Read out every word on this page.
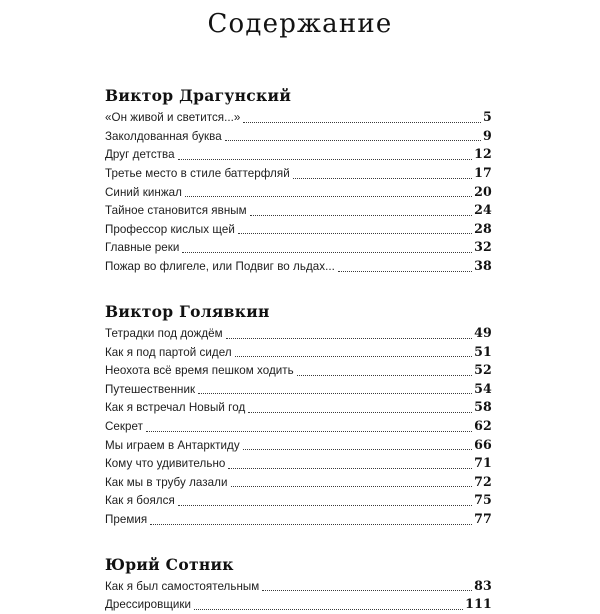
Содержание
Виктор Драгунский
«Он живой и светится...»	5
Заколдованная буква	9
Друг детства	12
Третье место в стиле баттерфляй	17
Синий кинжал	20
Тайное становится явным	24
Профессор кислых щей	28
Главные реки	32
Пожар во флигеле, или Подвиг во льдах...	38
Виктор Голявкин
Тетрадки под дождём	49
Как я под партой сидел	51
Неохота всё время пешком ходить	52
Путешественник	54
Как я встречал Новый год	58
Секрет	62
Мы играем в Антарктиду	66
Кому что удивительно	71
Как мы в трубу лазали	72
Как я боялся	75
Премия	77
Юрий Сотник
Как я был самостоятельным	83
Дрессировщики	111
